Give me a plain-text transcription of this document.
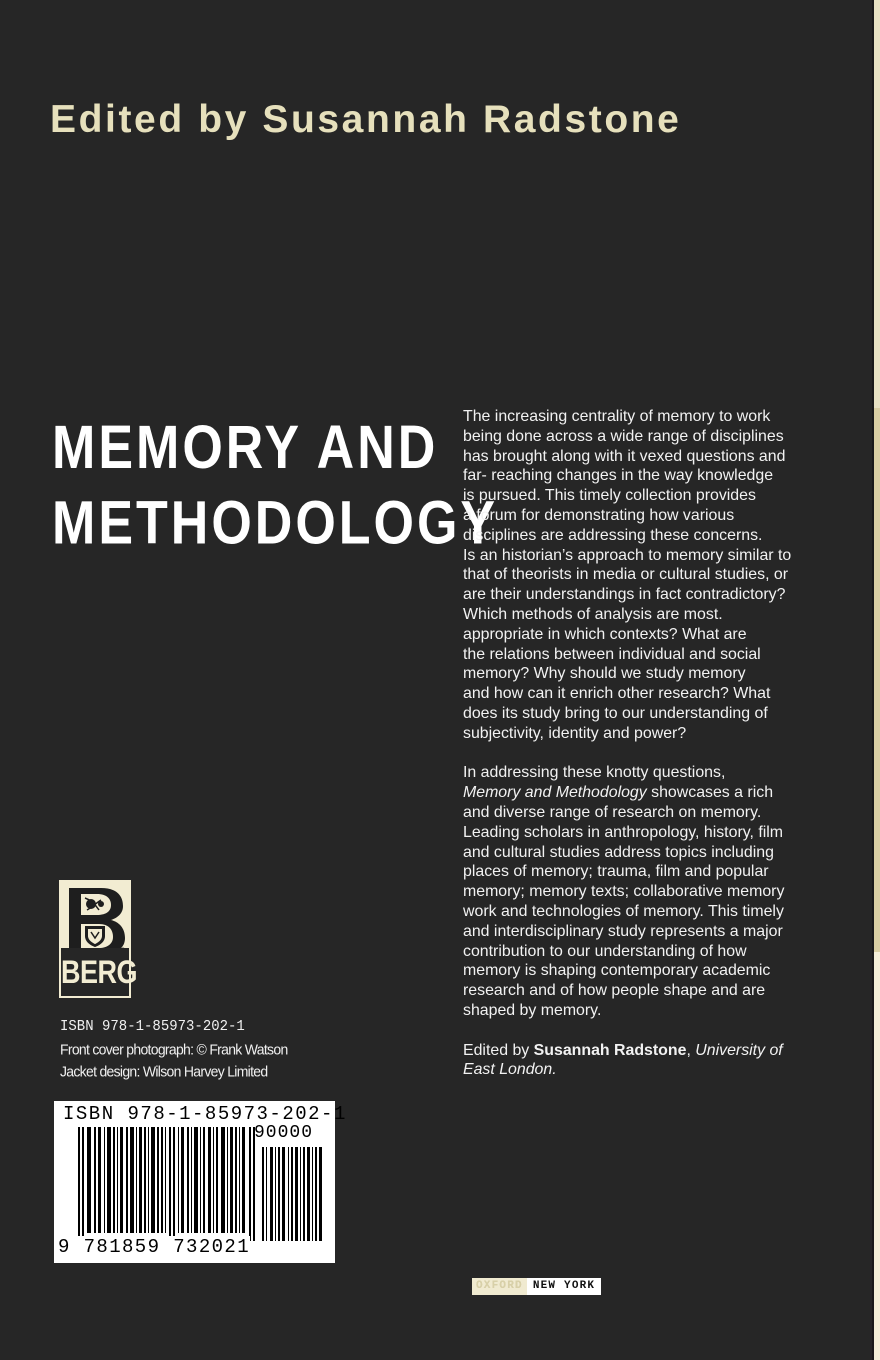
Edited by Susannah Radstone
MEMORY AND
METHODOLOGY

The increasing centrality of memory to work
being done across a wide range of disciplines
has brought along with it vexed questions and
far- reaching changes in the way knowledge
is pursued. This timely collection provides
a forum for demonstrating how various
disciplines are addressing these concerns.
Is an historian’s approach to memory similar to
that of theorists in media or cultural studies, or
are their understandings in fact contradictory?
Which methods of analysis are most.
appropriate in which contexts? What are
the relations between individual and social
memory? Why should we study memory
and how can it enrich other research? What
does its study bring to our understanding of
subjectivity, identity and power?

In addressing these knotty questions,
Memory and Methodology showcases a rich
and diverse range of research on memory.
Leading scholars in anthropology, history, film
and cultural studies address topics including
places of memory; trauma, film and popular
memory; memory texts; collaborative memory
work and technologies of memory. This timely
and interdisciplinary study represents a major
contribution to our understanding of how
memory is shaping contemporary academic
research and of how people shape and are
shaped by memory.

Edited by Susannah Radstone, University of
East London.

BERG
ISBN 978-1-85973-202-1
Front cover photograph: © Frank Watson
Jacket design: Wilson Harvey Limited
ISBN 978-1-85973-202-1
90000
9 781859 732021
OXFORD NEW YORK
